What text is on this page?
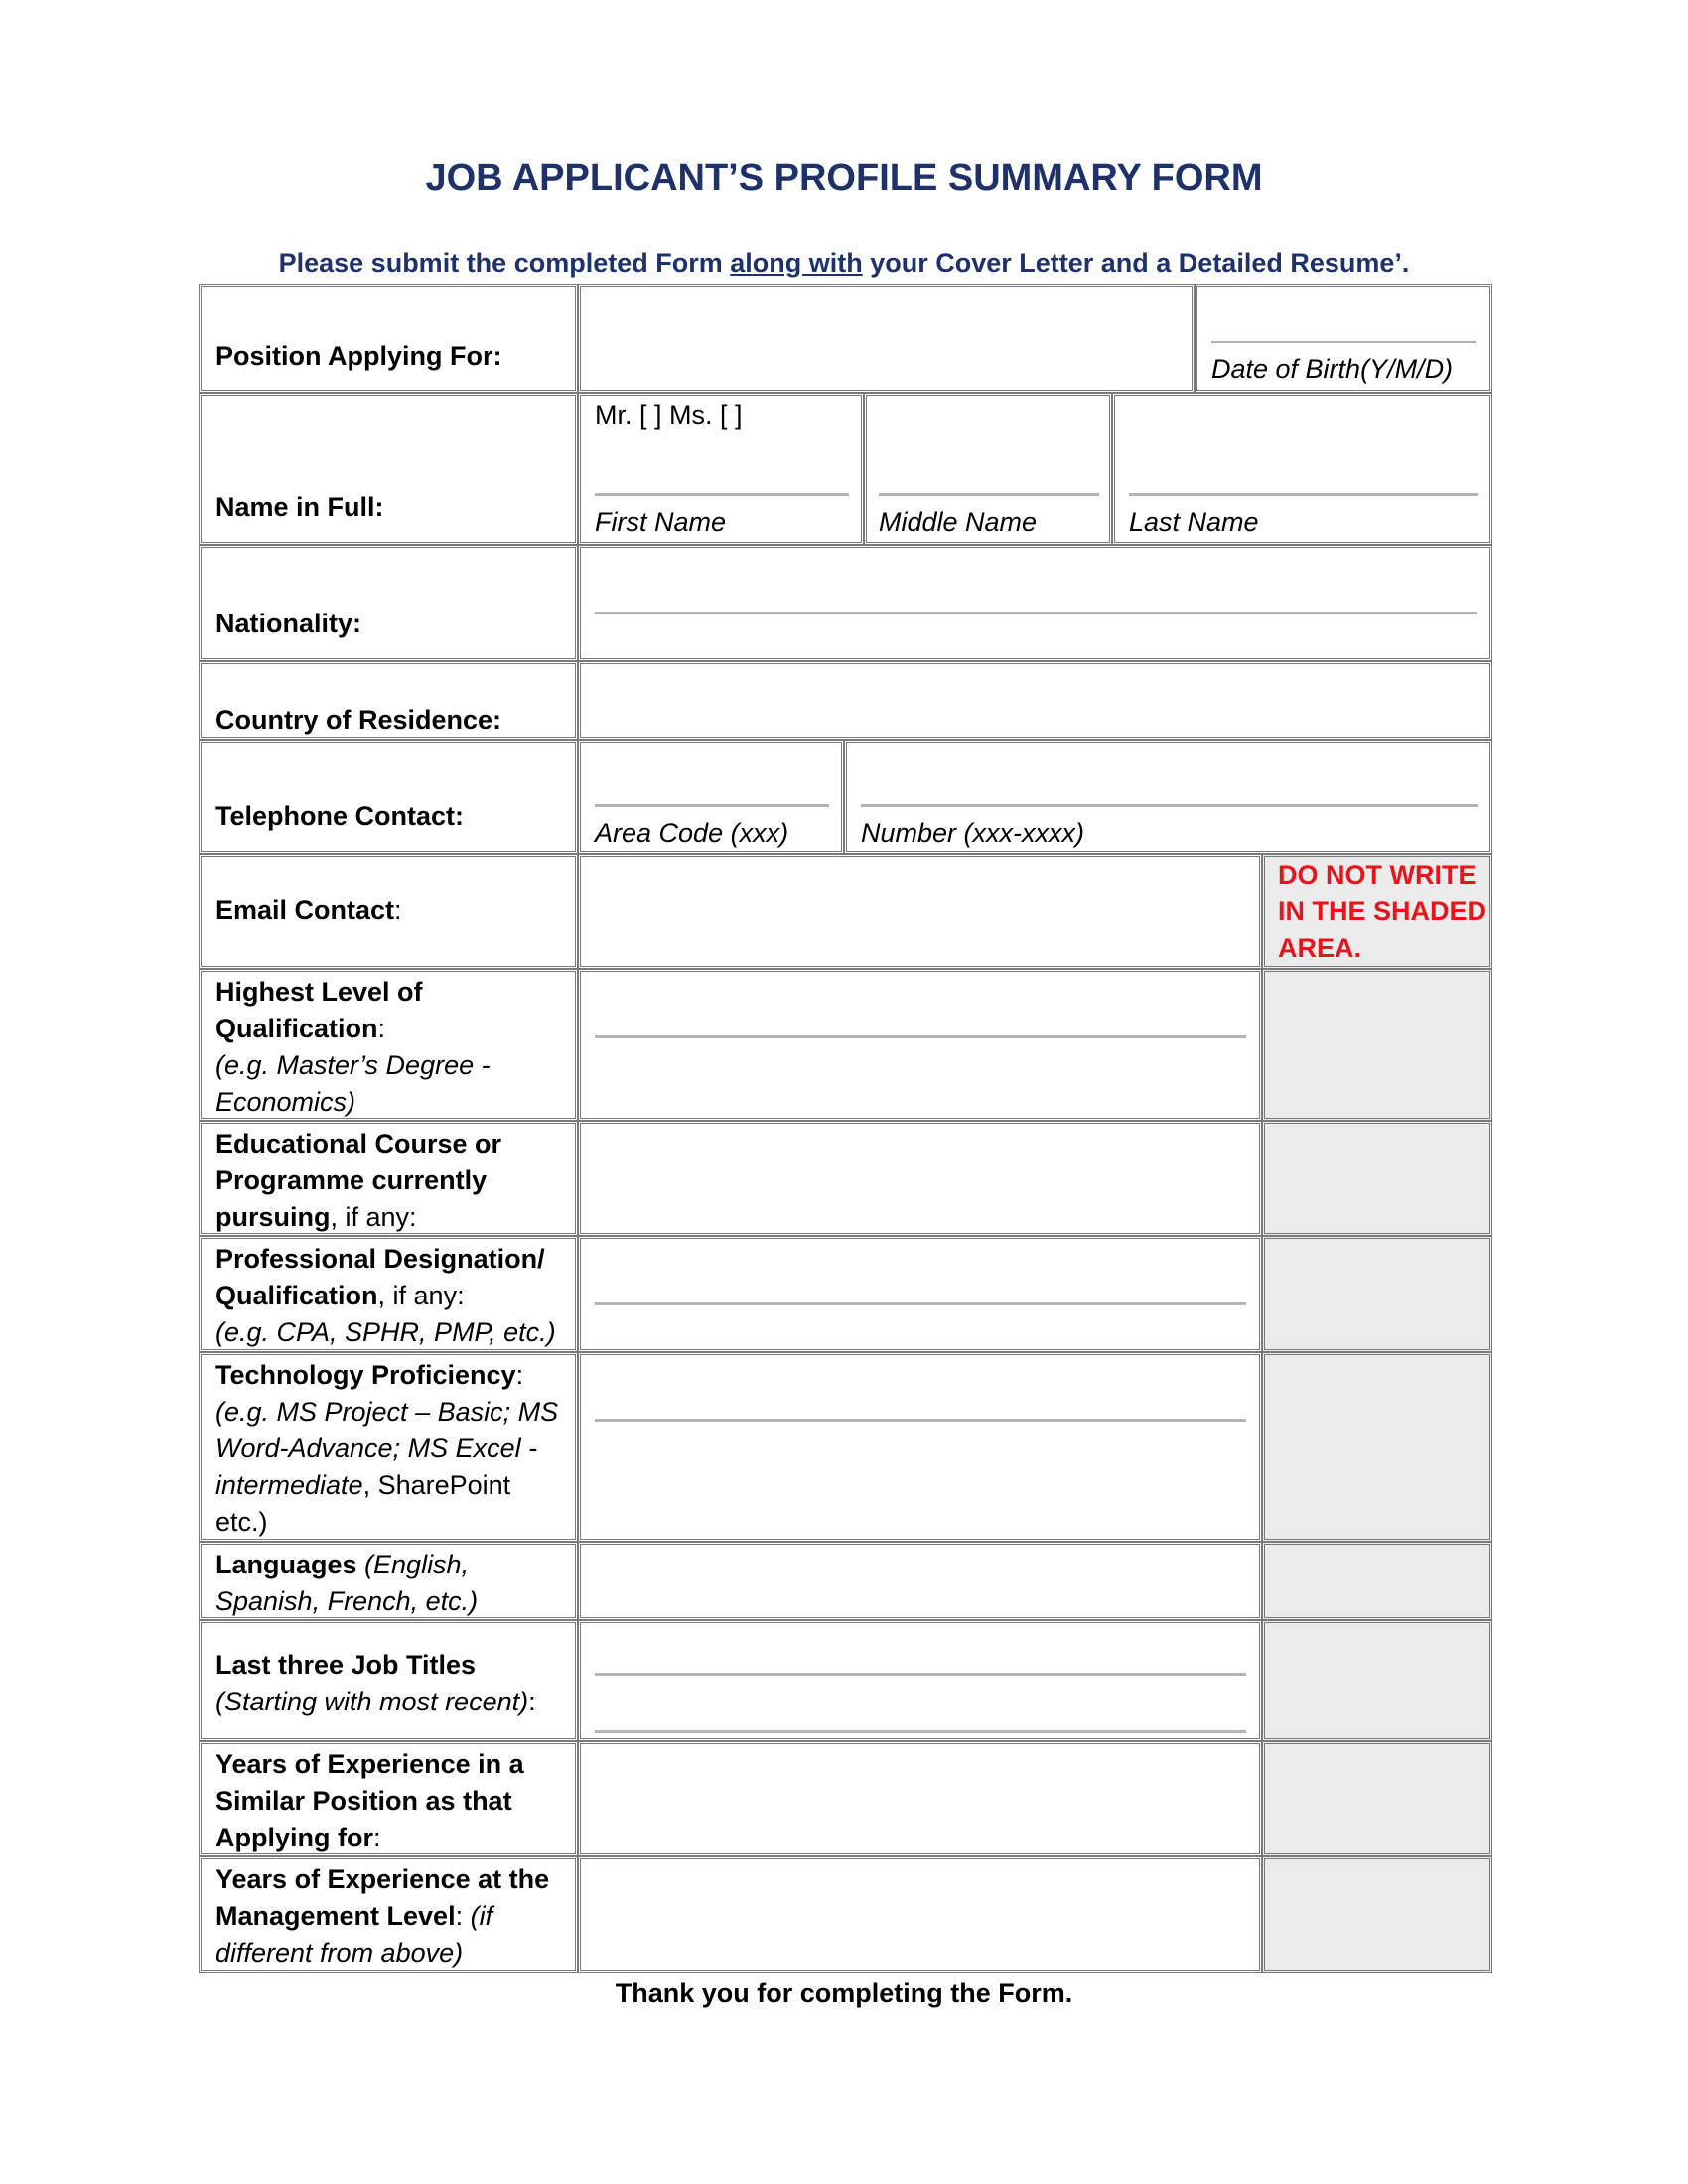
JOB APPLICANT’S PROFILE SUMMARY FORM
Please submit the completed Form along with your Cover Letter and a Detailed Resume’.
Position Applying For:	Date of Birth(Y/M/D)
Name in Full:
Mr. [ ] Ms. [ ]
First Name	Middle Name	Last Name
Nationality:
Country of Residence:
Telephone Contact:
Area Code (xxx)	Number (xxx-xxxx)
Email Contact:
DO NOT WRITE
IN THE SHADED
AREA.
Highest Level of
Qualification:
(e.g. Master’s Degree -
Economics)
Educational Course or
Programme currently
pursuing, if any:
Professional Designation/
Qualification, if any:
(e.g. CPA, SPHR, PMP, etc.)
Technology Proficiency:
(e.g. MS Project – Basic; MS
Word-Advance; MS Excel -
intermediate, SharePoint
etc.)
Languages (English,
Spanish, French, etc.)
Last three Job Titles
(Starting with most recent):
Years of Experience in a
Similar Position as that
Applying for:
Years of Experience at the
Management Level: (if
different from above)
Thank you for completing the Form.
